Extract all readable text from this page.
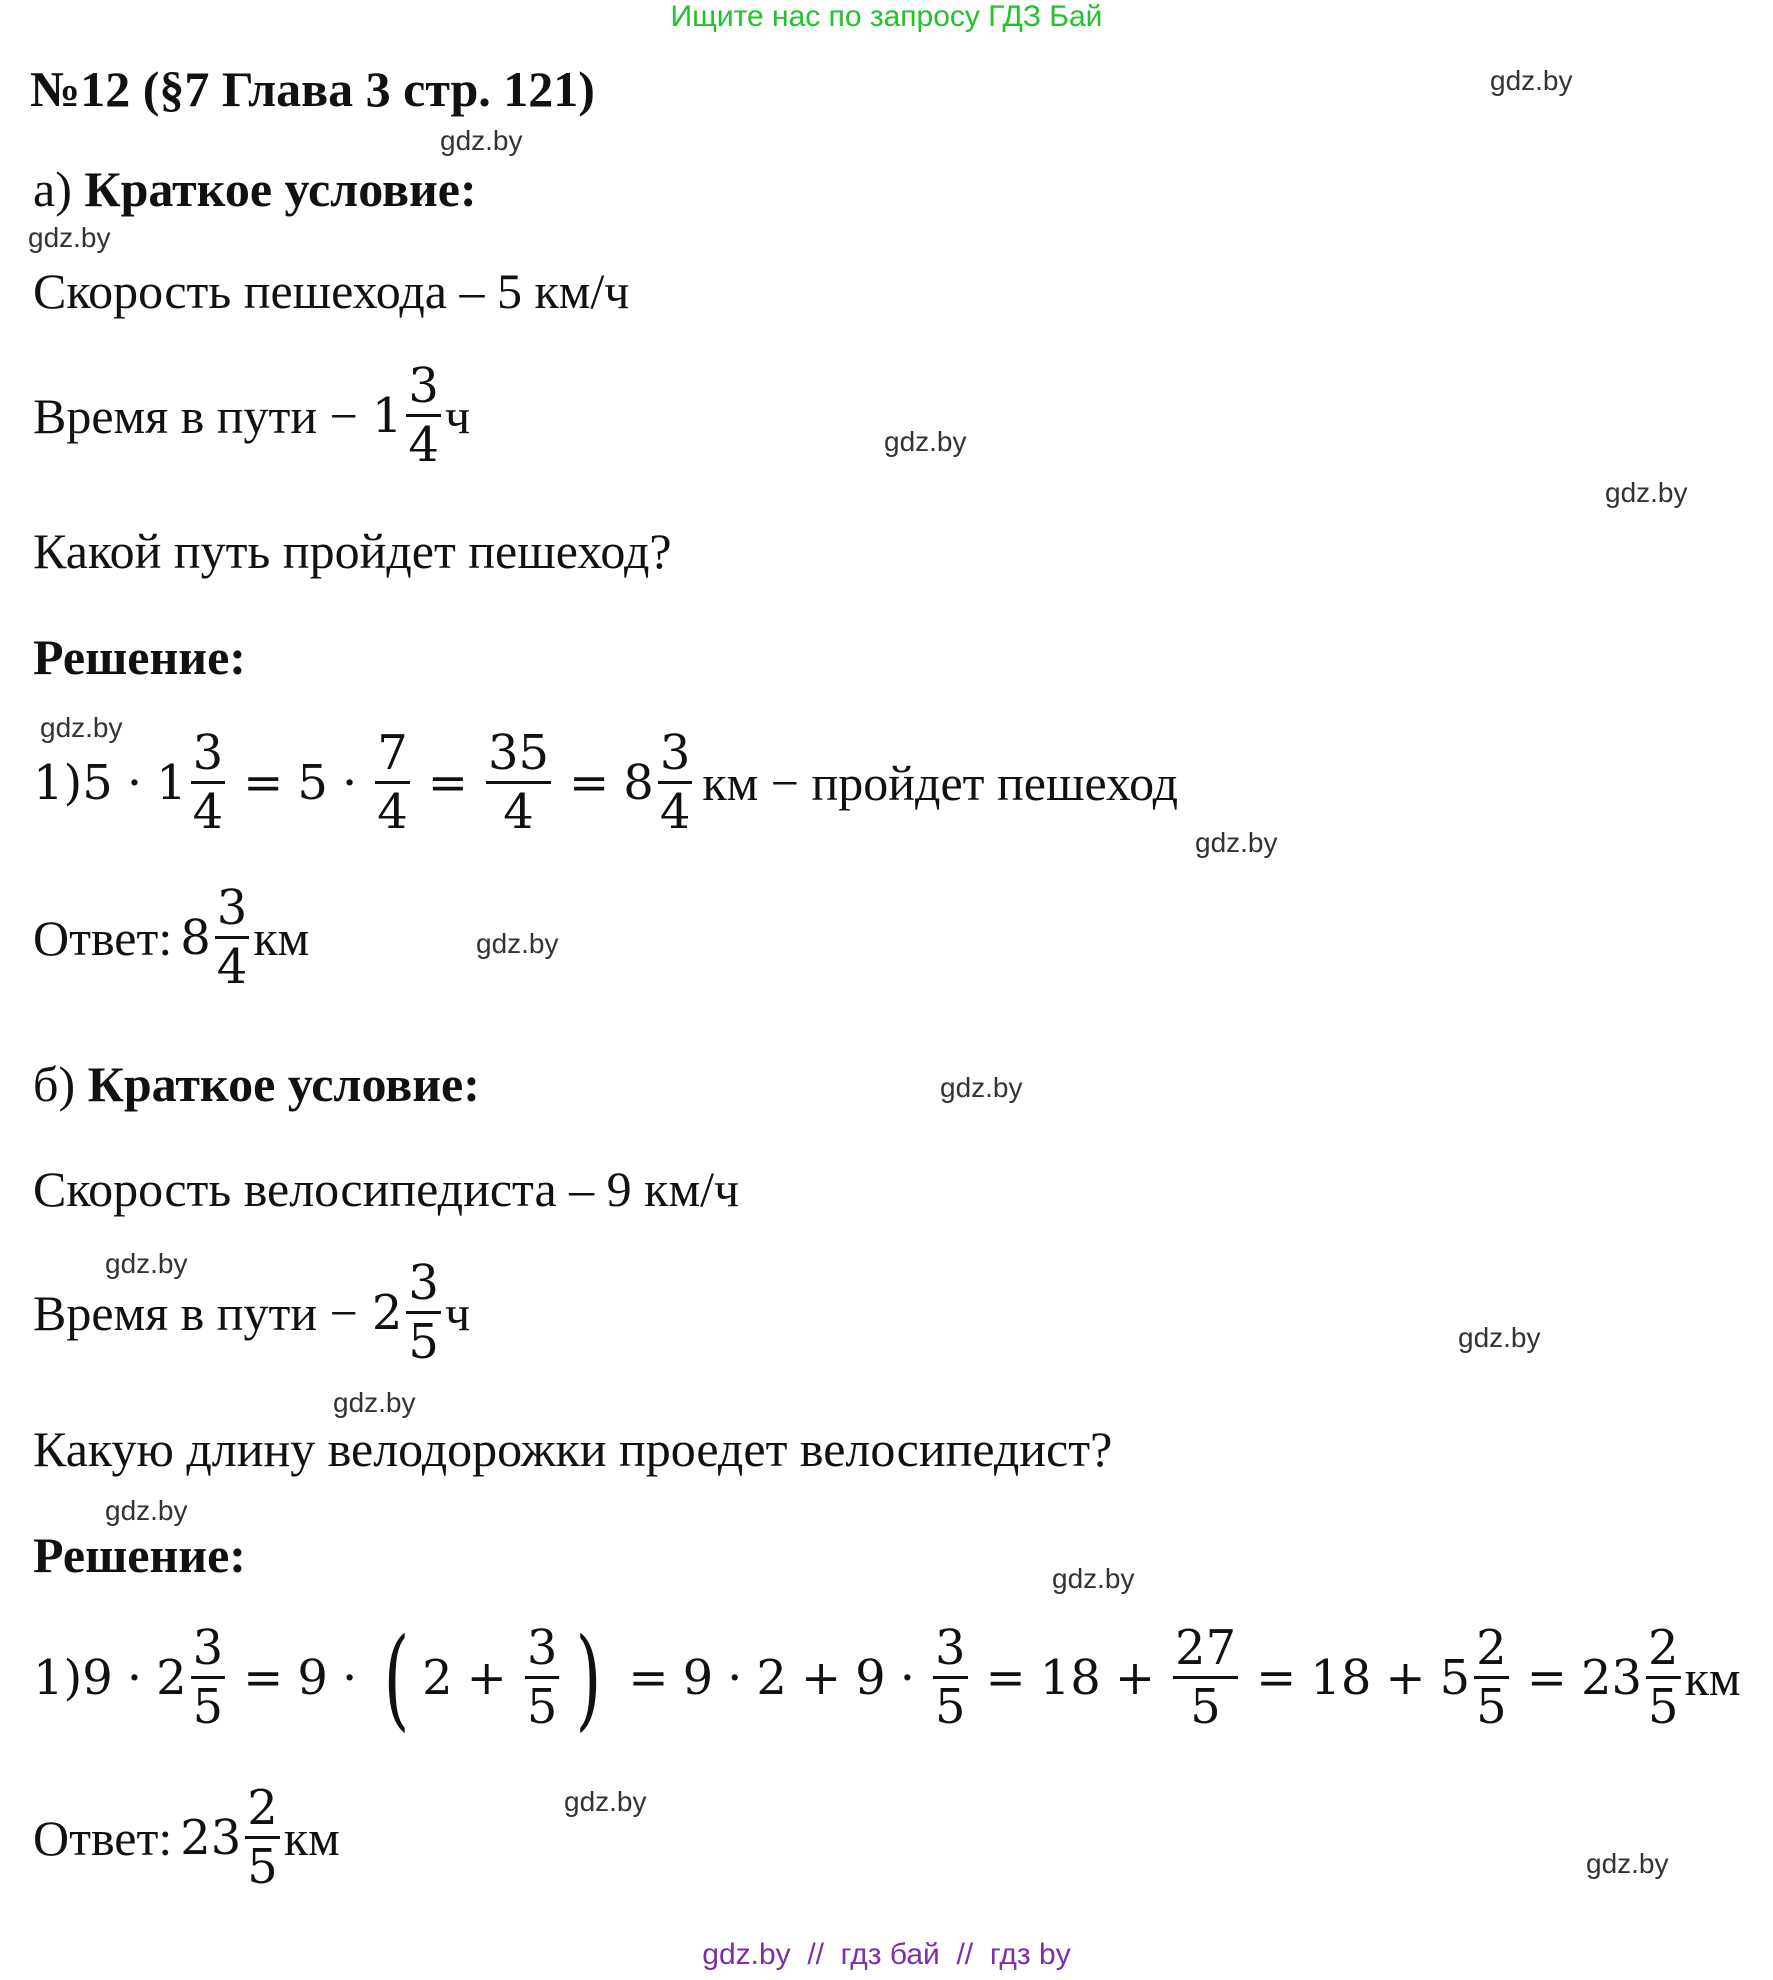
Ищите нас по запросу ГДЗ Бай
№12 (§7 Глава 3 стр. 121)	gdz.by
gdz.by
gdz.by
gdz.by
gdz.by
gdz.by
gdz.by
gdz.by
gdz.by
gdz.by
gdz.by
gdz.by
gdz.by
gdz.by
gdz.by
gdz.by
а) Краткое условие:
Скорость пешехода – 5 км/ч
Время в пути − $1 \frac{3}{4}$ ч
Какой путь пройдет пешеход?
Решение:
1) $5 \cdot 1 \frac{3}{4} = 5 \cdot \frac{7}{4} = \frac{35}{4} = 8 \frac{3}{4}$ км − пройдет пешеход
Ответ: $8 \frac{3}{4}$ км
б) Краткое условие:
Скорость велосипедиста – 9 км/ч
Время в пути − $2 \frac{3}{5}$ ч
Какую длину велодорожки проедет велосипедист?
Решение:
1) $9 \cdot 2 \frac{3}{5} = 9$ · ( $2 + \frac{3}{5}$ ) = $9 \cdot 2 + 9 \cdot \frac{3}{5} = 18 + \frac{27}{5} = 18 + 5 \frac{2}{5} = 23 \frac{2}{5}$ км
Ответ: $23 \frac{2}{5}$ км
gdz.by  //  гдз бай  //  гдз by
